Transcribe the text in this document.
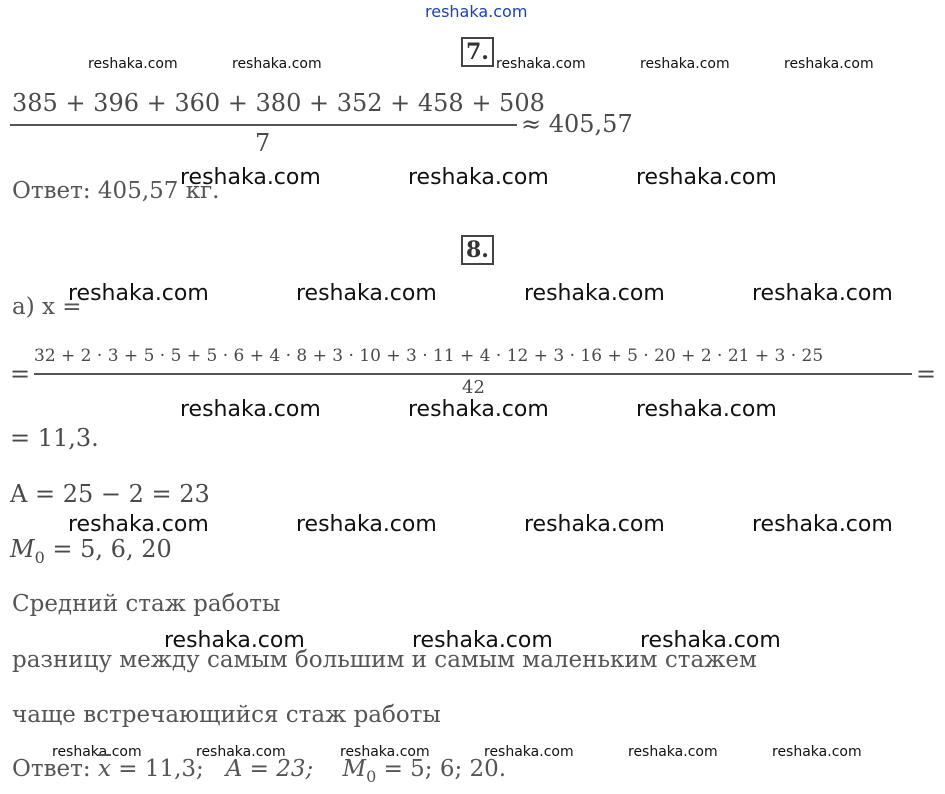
reshaka.com
reshaka.com	reshaka.com	reshaka.com	reshaka.com	reshaka.com
7.
385 + 396 + 360 + 380 + 352 + 458 + 508
7
≈ 405,57
Ответ: 405,57 кг.
reshaka.com	reshaka.com	reshaka.com
8.
а) x =
reshaka.com	reshaka.com	reshaka.com	reshaka.com
=
32 + 2 · 3 + 5 · 5 + 5 · 6 + 4 · 8 + 3 · 10 + 3 · 11 + 4 · 12 + 3 · 16 + 5 · 20 + 2 · 21 + 3 · 25
42	=
reshaka.com	reshaka.com	reshaka.com
= 11,3.
A = 25 − 2 = 23
reshaka.com	reshaka.com	reshaka.com	reshaka.com
$M_0 = 5$, 6, 20
Средний стаж работы
reshaka.com	reshaka.com	reshaka.com
разницу между самым большим и самым маленьким стажем
чаще встречающийся стаж работы
reshaka.com	reshaka.com	reshaka.com	reshaka.com	reshaka.com	reshaka.com
Ответ: $\overline{x} = 11,3$; A = 23; $M_0 = 5$; 6; 20.
